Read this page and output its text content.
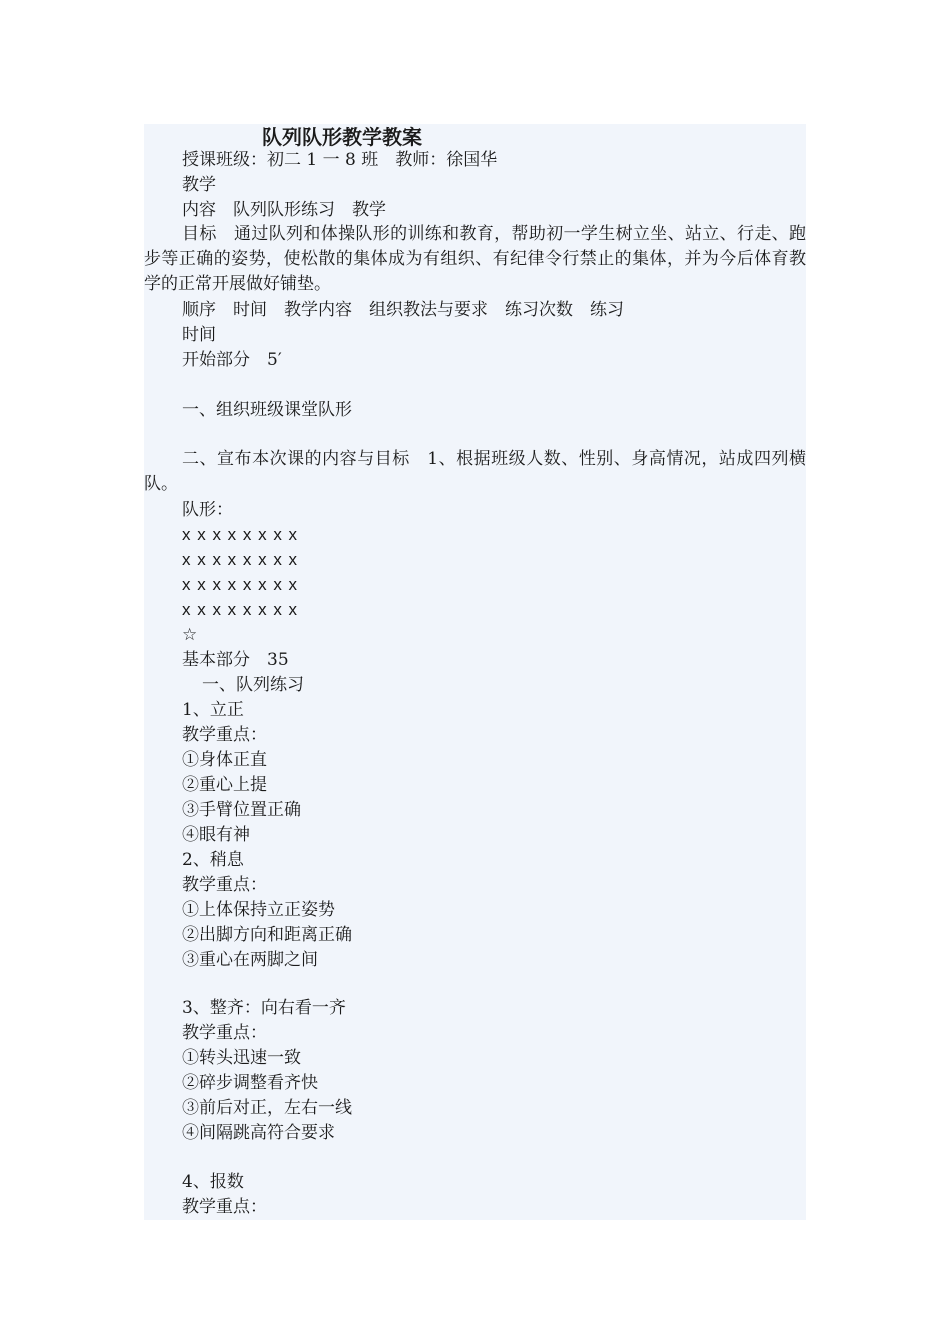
队列队形教学教案
授课班级：初二 1 一 8 班　教师：徐国华
教学
内容　队列队形练习　教学

目标　通过队列和体操队形的训练和教育，帮助初一学生树立坐、站立、行走、跑步等正确的姿势，使松散的集体成为有组织、有纪律令行禁止的集体，并为今后体育教学的正常开展做好铺垫。

顺序　时间　教学内容　组织教法与要求　练习次数　练习
时间
开始部分　5′
一、组织班级课堂队形

二、宣布本次课的内容与目标　1、根据班级人数、性别、身高情况，站成四列横队。

队形：
x x x x x x x x
x x x x x x x x
x x x x x x x x
x x x x x x x x
☆
基本部分　35
一、队列练习
1、立正
教学重点：
①身体正直
②重心上提
③手臂位置正确
④眼有神
2、稍息
教学重点：
①上体保持立正姿势
②出脚方向和距离正确
③重心在两脚之间
3、整齐：向右看一齐
教学重点：
①转头迅速一致
②碎步调整看齐快
③前后对正，左右一线
④间隔跳高符合要求
4、报数
教学重点：
